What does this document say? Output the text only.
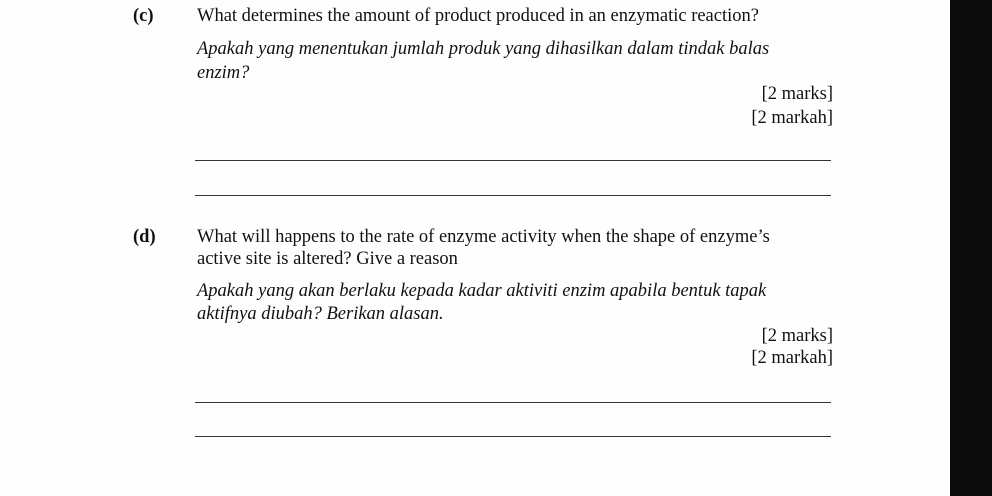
(c) What determines the amount of product produced in an enzymatic reaction?
Apakah yang menentukan jumlah produk yang dihasilkan dalam tindak balas
enzim?
[2 marks]
[2 markah]
(d) What will happens to the rate of enzyme activity when the shape of enzyme’s
active site is altered? Give a reason
Apakah yang akan berlaku kepada kadar aktiviti enzim apabila bentuk tapak
aktifnya diubah? Berikan alasan.
[2 marks]
[2 markah]
